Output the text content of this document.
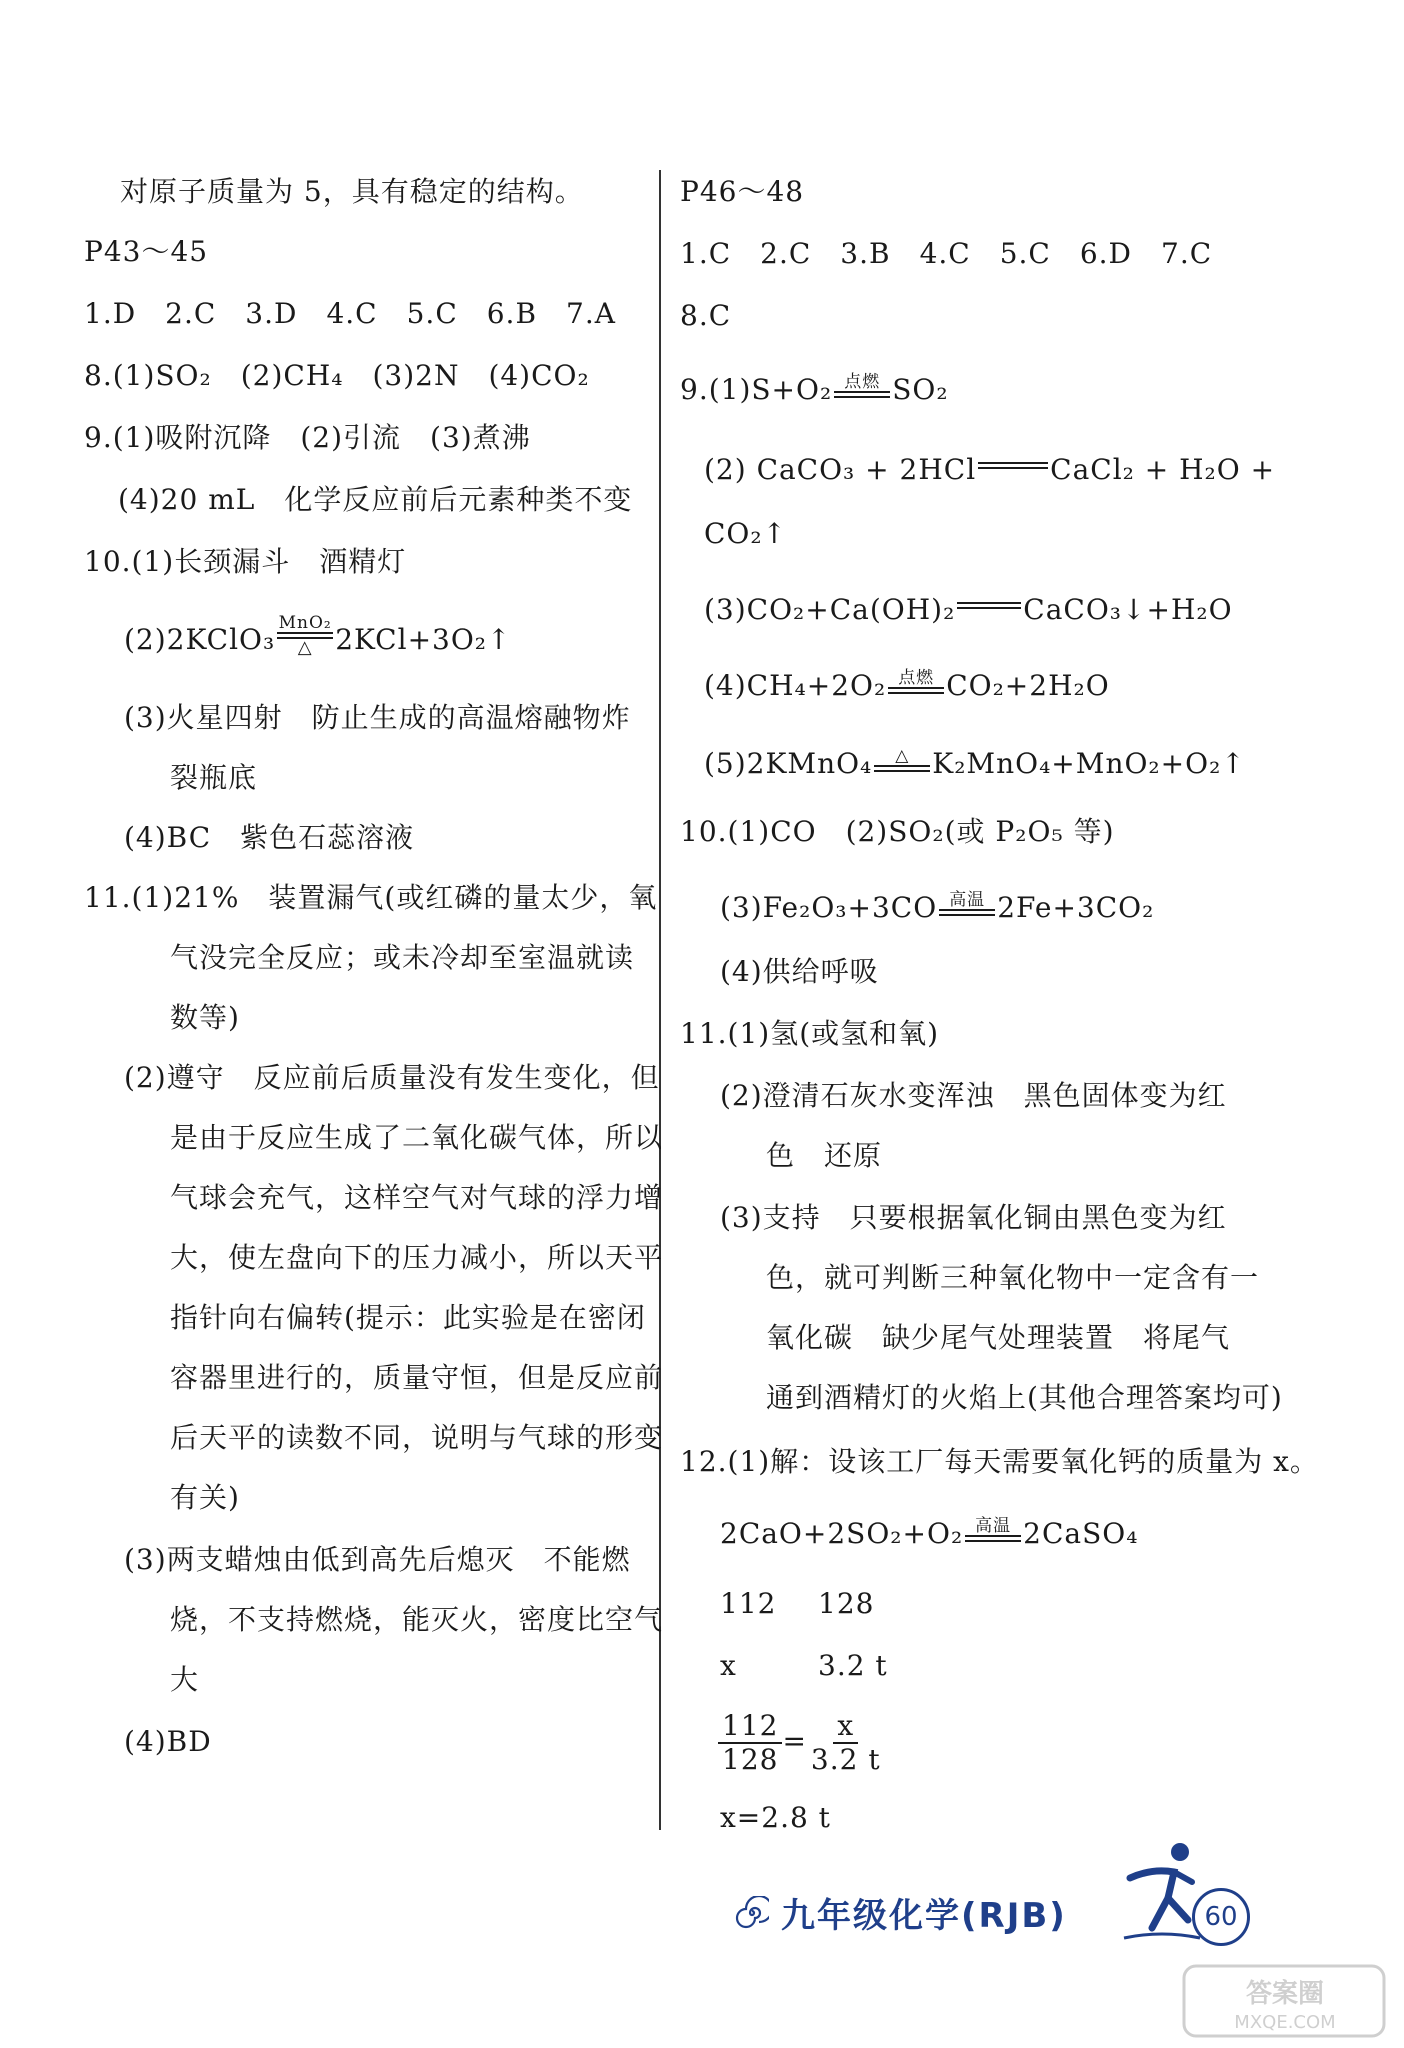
对原子质量为 5，具有稳定的结构。
P43～45
1.D　2.C　3.D　4.C　5.C　6.B　7.A
8.(1)SO₂　(2)CH₄　(3)2N　(4)CO₂
9.(1)吸附沉降　(2)引流　(3)煮沸
(4)20 mL　化学反应前后元素种类不变
10.(1)长颈漏斗　酒精灯
(2)2KClO₃ MnO₂
△ 2KCl+3O₂↑
(3)火星四射　防止生成的高温熔融物炸
裂瓶底
(4)BC　紫色石蕊溶液
11.(1)21%　装置漏气(或红磷的量太少，氧
气没完全反应；或未冷却至室温就读
数等)
(2)遵守　反应前后质量没有发生变化，但
是由于反应生成了二氧化碳气体，所以
气球会充气，这样空气对气球的浮力增
大，使左盘向下的压力减小，所以天平
指针向右偏转(提示：此实验是在密闭
容器里进行的，质量守恒，但是反应前
后天平的读数不同，说明与气球的形变
有关)
(3)两支蜡烛由低到高先后熄灭　不能燃
烧，不支持燃烧，能灭火，密度比空气
大
(4)BD
P46～48
1.C　2.C　3.B　4.C　5.C　6.D　7.C
8.C
9.(1)S+O₂ 点燃 SO₂
(2) CaCO₃ + 2HCl	CaCl₂ + H₂O +
CO₂↑
(3)CO₂+Ca(OH)₂ CaCO₃↓+H₂O
(4)CH₄+2O₂ 点燃 CO₂+2H₂O
(5)2KMnO₄ △ K₂MnO₄+MnO₂+O₂↑
10.(1)CO　(2)SO₂(或 P₂O₅ 等)
(3)Fe₂O₃+3CO 高温 2Fe+3CO₂
(4)供给呼吸
11.(1)氢(或氢和氧)
(2)澄清石灰水变浑浊　黑色固体变为红
色　还原
(3)支持　只要根据氧化铜由黑色变为红
色，就可判断三种氧化物中一定含有一
氧化碳　缺少尾气处理装置　将尾气
通到酒精灯的火焰上(其他合理答案均可)
12.(1)解：设该工厂每天需要氧化钙的质量为 x。
2CaO+2SO₂+O₂ 高温 2CaSO₄
112 128
x	3.2 t
$\frac{112}{128} = \frac{x}{3.2 t}$
x=2.8 t
九年级化学(RJB)	60
答案圈
MXQE.COM
